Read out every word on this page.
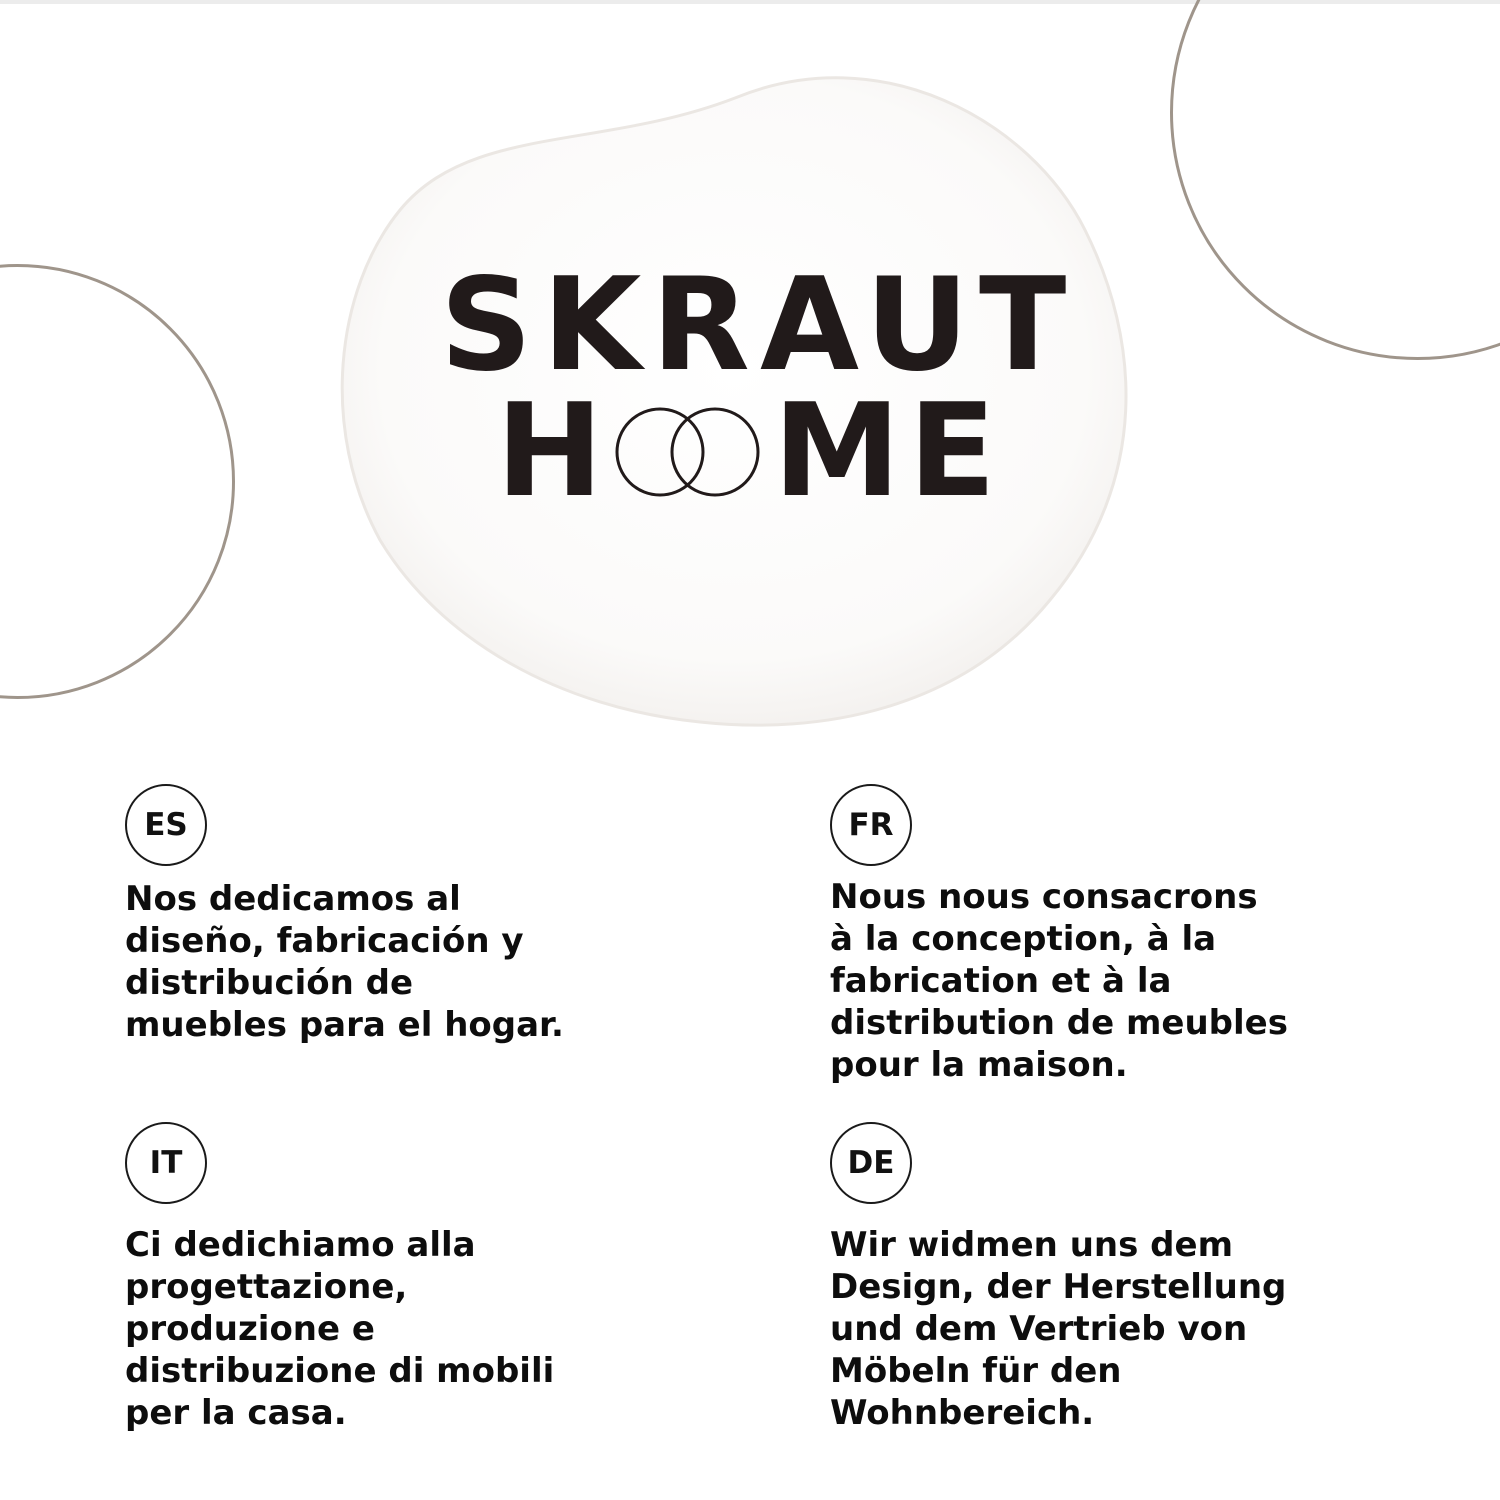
SKRAUT
H ME
ES

Nos dedicamos al
diseño, fabricación y
distribución de
muebles para el hogar.

FR

Nous nous consacrons
à la conception, à la
fabrication et à la
distribution de meubles
pour la maison.

IT

Ci dedichiamo alla
progettazione,
produzione e
distribuzione di mobili
per la casa.

DE

Wir widmen uns dem
Design, der Herstellung
und dem Vertrieb von
Möbeln für den
Wohnbereich.
